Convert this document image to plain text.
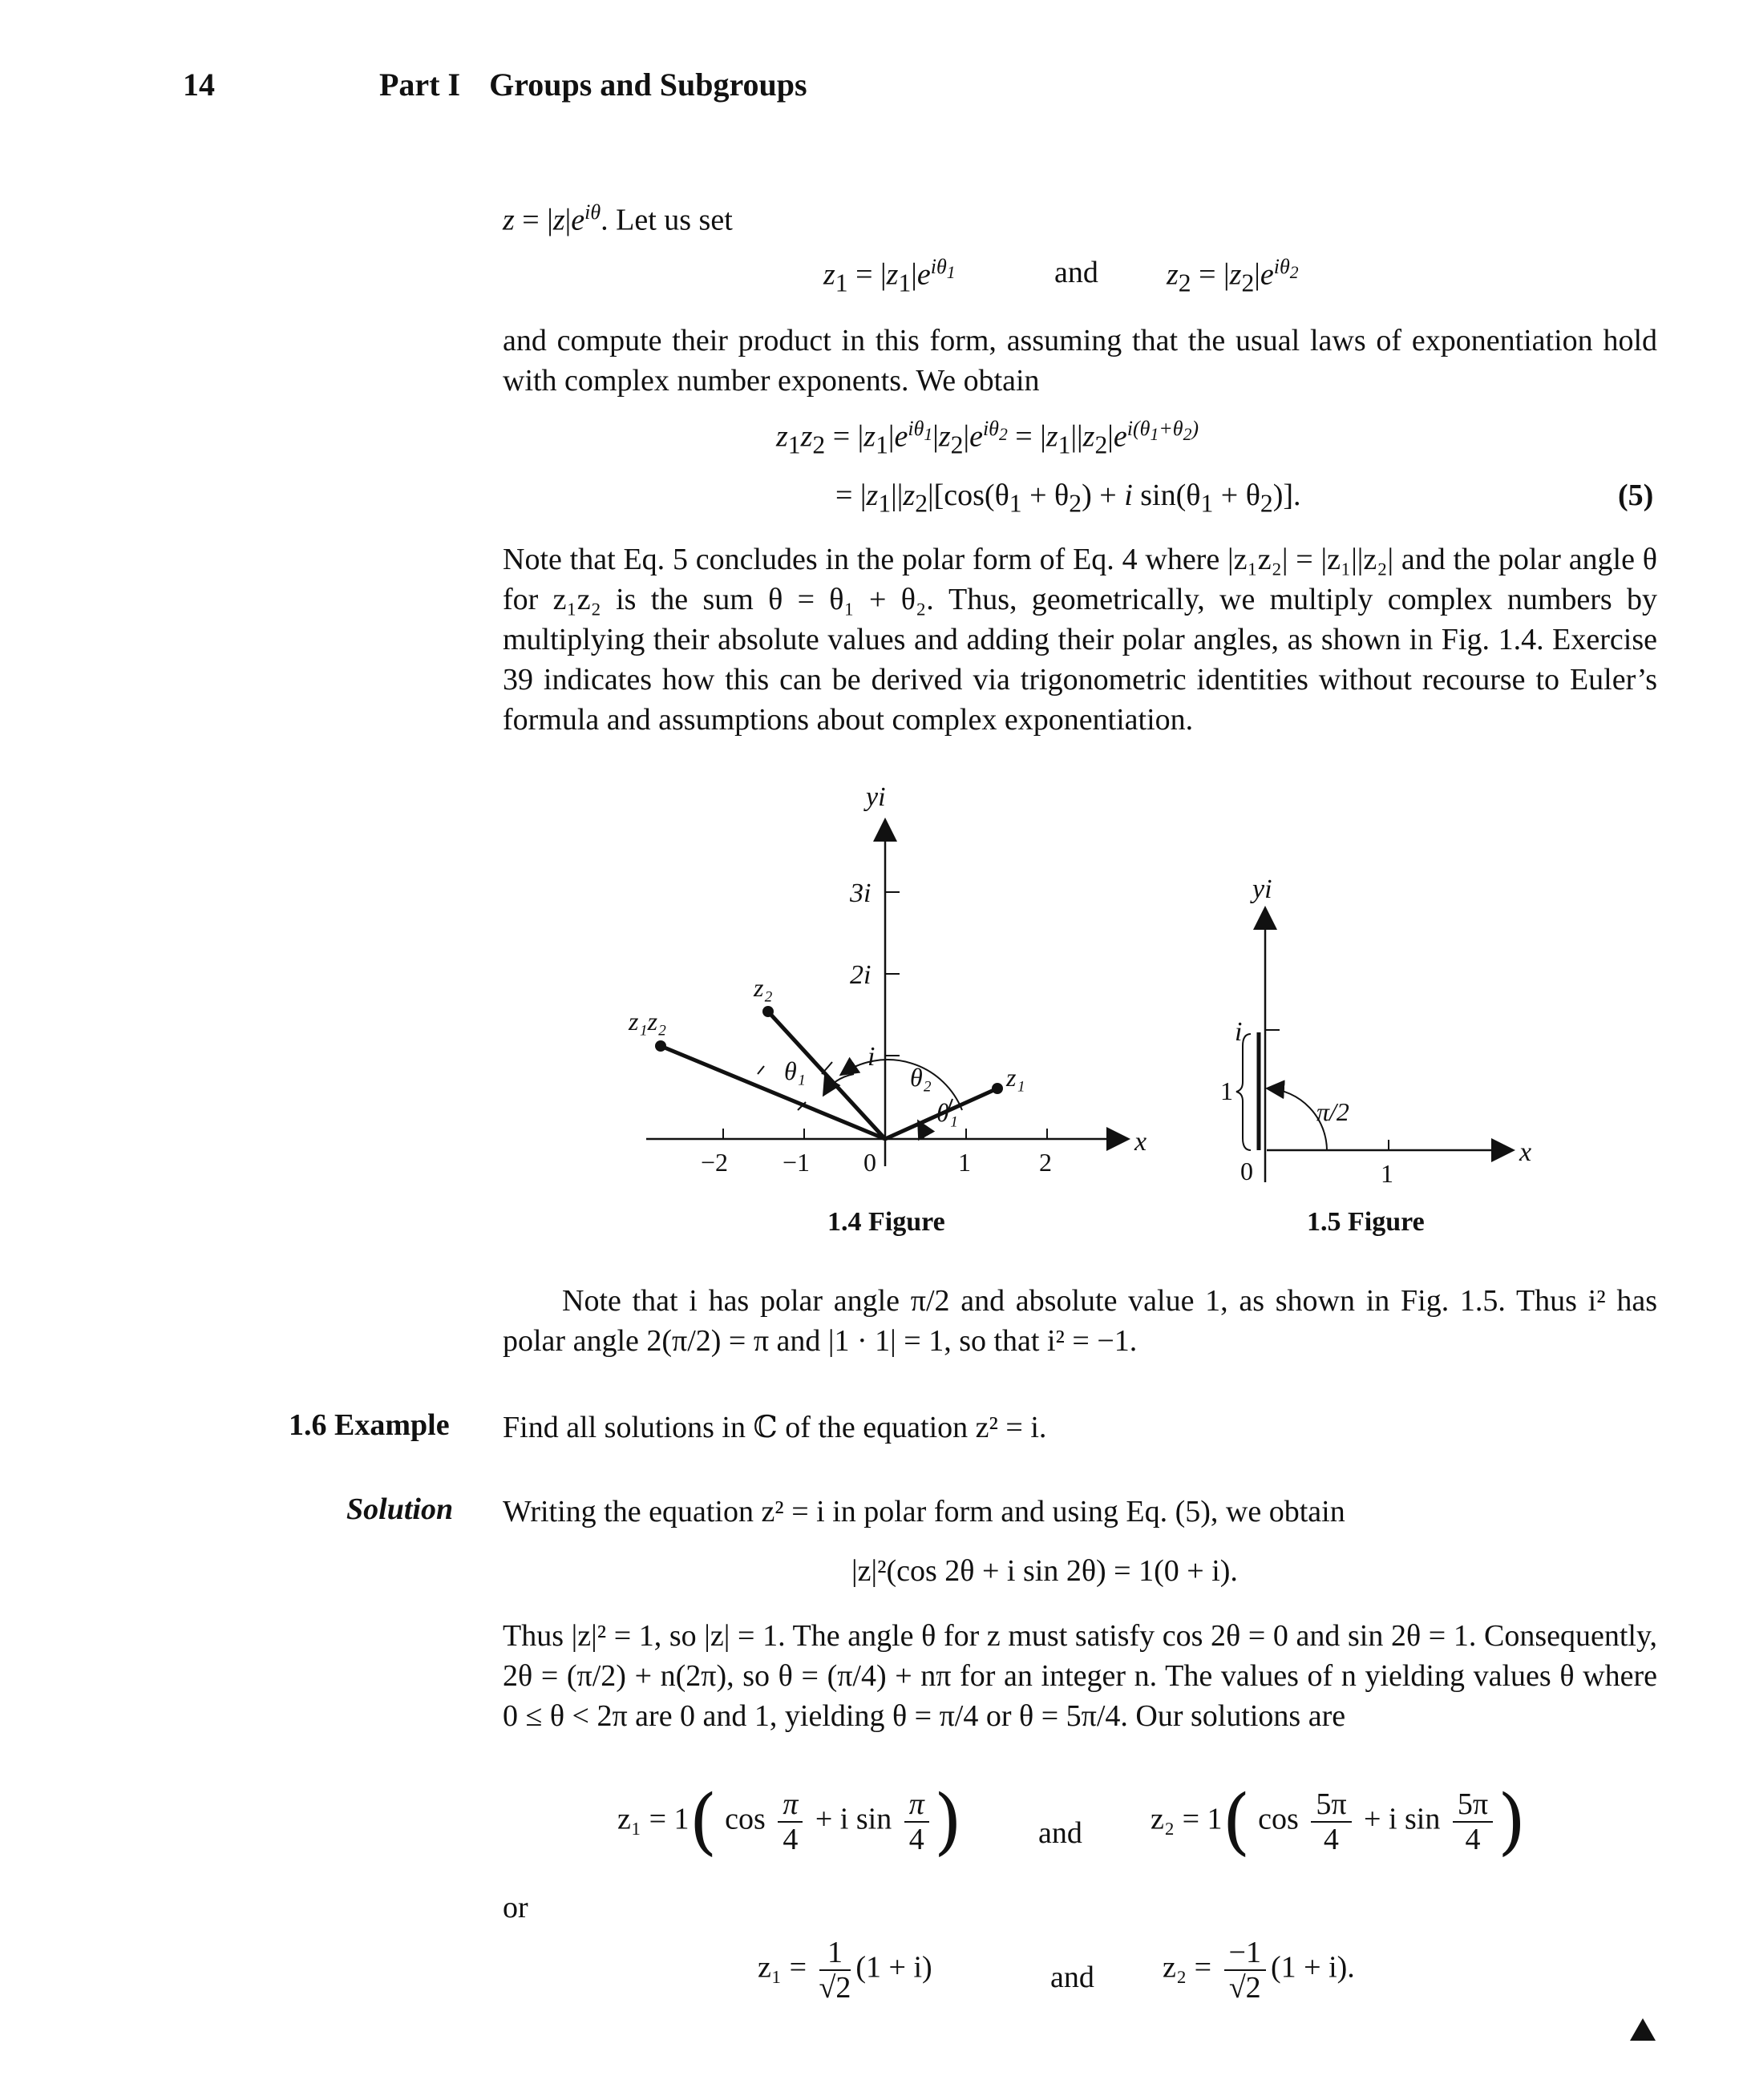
14	Part I Groups and Subgroups
$z = |z|e^{i\theta}$. Let us set
$z_1 = |z_1|e^{i\theta_1}$	and $z_2 = |z_2|e^{i\theta_2}$
and compute their product in this form, assuming that the usual laws of exponentiation hold with complex number exponents. We obtain
$z_1z_2 = |z_1|e^{i\theta_1}|z_2|e^{i\theta_2} = |z_1||z_2|e^{i(\theta_1+\theta_2)}$
= $|z_1||z_2|[\cos(\theta_1 + \theta_2) + i$ $\sin(\theta_1 + \theta_2)$].	(5)
Note that Eq. 5 concludes in the polar form of Eq. 4 where |z₁z₂| = |z₁||z₂| and the polar angle θ for z₁z₂ is the sum θ = θ₁ + θ₂. Thus, geometrically, we multiply complex numbers by multiplying their absolute values and adding their polar angles, as shown in Fig. 1.4. Exercise 39 indicates how this can be derived via trigonometric identities without recourse to Euler’s formula and assumptions about complex exponentiation.
yi
x
3i
2i
i
−2 −1 0	1	2
z₁z₂
z₂
z₁
θ₁	θ₂
θ₁
1.4 Figure
yi
x
i
1
π/2
0	1
1.5 Figure
Note that i has polar angle π/2 and absolute value 1, as shown in Fig. 1.5. Thus i² has polar angle 2(π/2) = π and |1 · 1| = 1, so that i² = −1.
1.6 Example Find all solutions in ℂ of the equation z² = i.
Solution Writing the equation z² = i in polar form and using Eq. (5), we obtain
|z|²(cos 2θ + i sin 2θ) = 1(0 + i).
Thus |z|² = 1, so |z| = 1. The angle θ for z must satisfy cos 2θ = 0 and sin 2θ = 1. Consequently, 2θ = (π/2) + n(2π), so θ = (π/4) + nπ for an integer n. The values of n yielding values θ where 0 ≤ θ < 2π are 0 and 1, yielding θ = π/4 or θ = 5π/4. Our solutions are
z₁ = 1( $\cos \frac{\pi}{4} + i$ $\sin \frac{\pi}{4}$ )	and z₂ = 1( $\cos \frac{5\pi}{4} + i$ $\sin \frac{5\pi}{4}$ )
or
$z_1 = \frac{1}{√2} (1 + i)$	and $z_2 = \frac{-1}{√2} (1 + i)$.
